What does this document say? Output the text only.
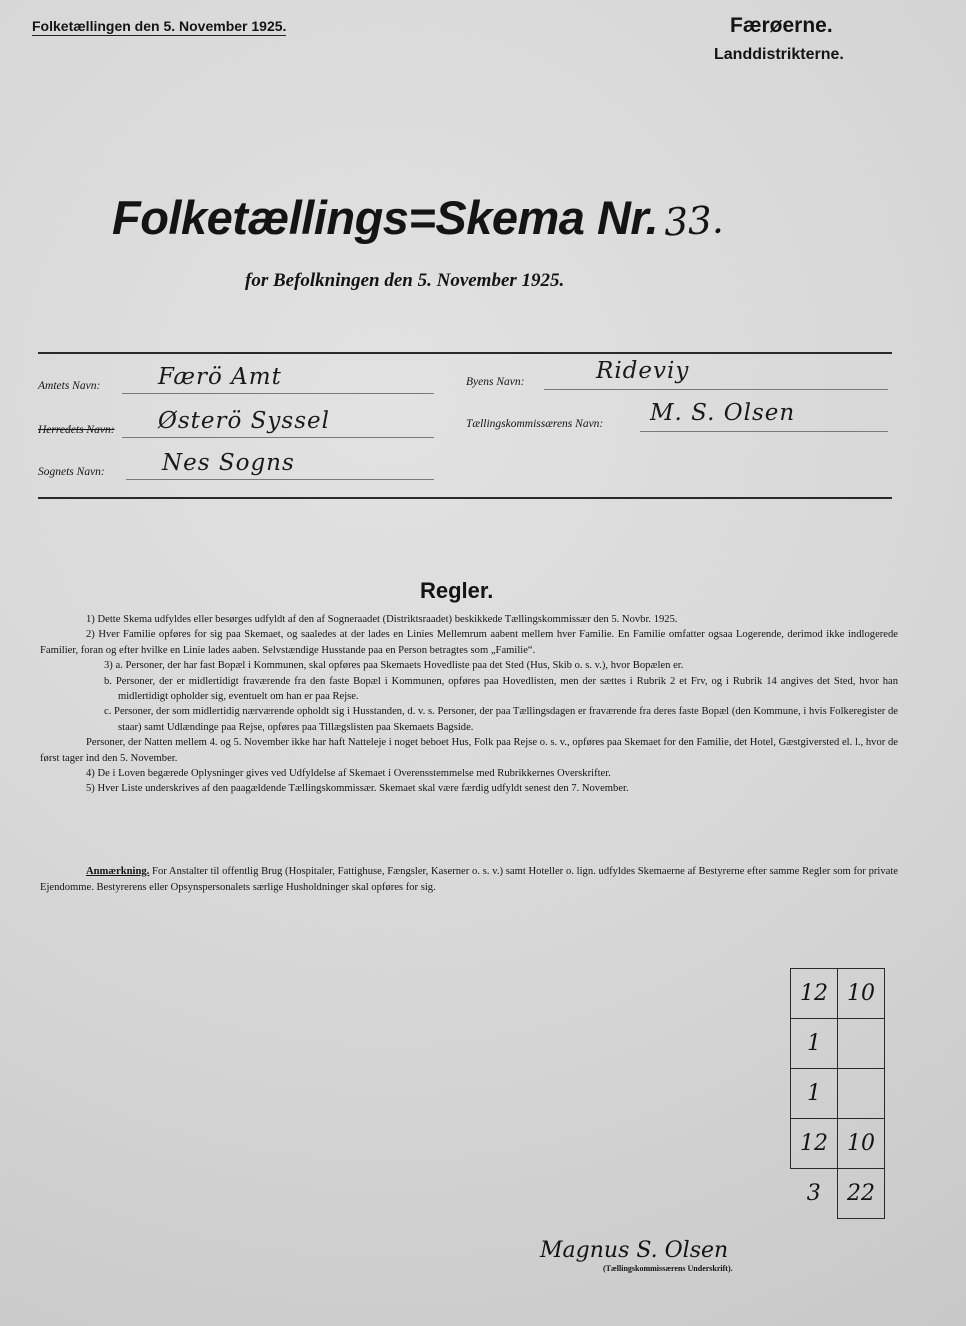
Folketællingen den 5. November 1925.	Færøerne.
Landdistrikterne.
Folketællings=Skema Nr. 33.
for Befolkningen den 5. November 1925.
Amtets Navn:	Færö Amt
Herredets Navn: Østerö Syssel
Sognets Navn: Nes Sogns
Byens Navn:	Rideviy
Tællingskommissærens Navn: M. S. Olsen
Regler.

1) Dette Skema udfyldes eller besørges udfyldt af den af Sogneraadet (Distriktsraadet) beskikkede Tællingskommissær den 5. Novbr. 1925.

2) Hver Familie opføres for sig paa Skemaet, og saaledes at der lades en Linies Mellemrum aabent mellem hver Familie. En Familie omfatter ogsaa Logerende, derimod ikke indlogerede Familier, foran og efter hvilke en Linie lades aaben. Selvstændige Husstande paa en Person betragtes som „Familie“.

3) a. Personer, der har fast Bopæl i Kommunen, skal opføres paa Skemaets Hovedliste paa det Sted (Hus, Skib o. s. v.), hvor Bopælen er.

b. Personer, der er midlertidigt fraværende fra den faste Bopæl i Kommunen, opføres paa Hovedlisten, men der sættes i Rubrik 2 et Frv, og i Rubrik 14 angives det Sted, hvor han midlertidigt opholder sig, eventuelt om han er paa Rejse.

c. Personer, der som midlertidig nærværende opholdt sig i Husstanden, d. v. s. Personer, der paa Tællingsdagen er fraværende fra deres faste Bopæl (den Kommune, i hvis Folkeregister de staar) samt Udlændinge paa Rejse, opføres paa Tillægslisten paa Skemaets Bagside.

Personer, der Natten mellem 4. og 5. November ikke har haft Natteleje i noget beboet Hus, Folk paa Rejse o. s. v., opføres paa Skemaet for den Familie, det Hotel, Gæstgiversted el. l., hvor de først tager ind den 5. November.

4) De i Loven begærede Oplysninger gives ved Udfyldelse af Skemaet i Overensstemmelse med Rubrikkernes Overskrifter.

5) Hver Liste underskrives af den paagældende Tællingskommissær. Skemaet skal være færdig udfyldt senest den 7. November.

Anmærkning. For Anstalter til offentlig Brug (Hospitaler, Fattighuse, Fængsler, Kaserner o. s. v.) samt Hoteller o. lign. udfyldes Skemaerne af Bestyrerne efter samme Regler som for private Ejendomme. Bestyrerens eller Opsynspersonalets særlige Husholdninger skal opføres for sig.
12	10
1	
1	
12	10
3	22
Magnus S. Olsen
(Tællingskommissærens Underskrift).
